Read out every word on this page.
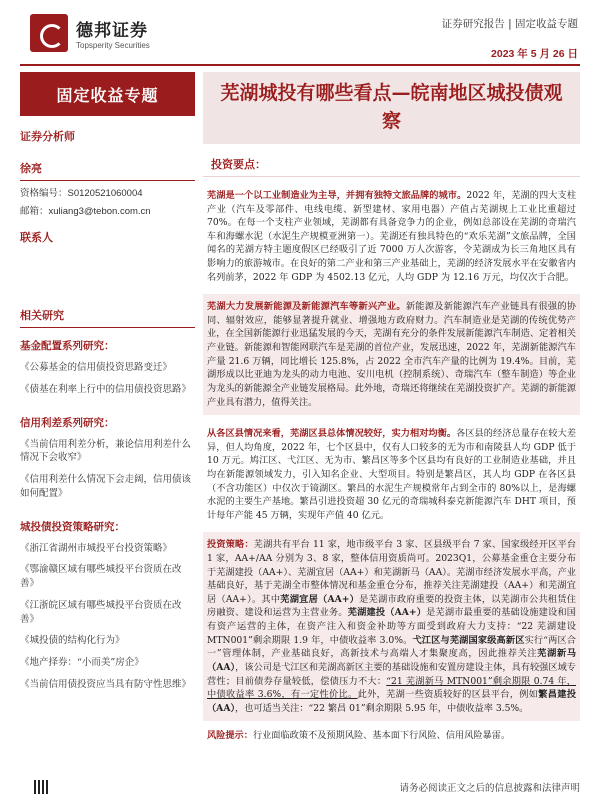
德邦证券
Topsperity Securities
证券研究报告 | 固定收益专题
2023 年 5 月 26 日
固定收益专题
证券分析师
徐亮
资格编号：S0120521060004
邮箱：xuliang3@tebon.com.cn
联系人
相关研究
基金配置系列研究：
《公募基金的信用债投资思路变迁》
《债基在利率上行中的信用债投资思路》
信用利差系列研究：
《当前信用利差分析，兼论信用利差什么情况下会收窄》
《信用利差什么情况下会走阔，信用债该如何配置》
城投债投资策略研究：
《浙江省湖州市城投平台投资策略》
《鄂渝赣区域有哪些城投平台资质在改善》
《江浙皖区域有哪些城投平台资质在改善》
《城投债的结构化行为》
《地产择券：“小而美”房企》
《当前信用债投资应当具有防守性思维》
芜湖城投有哪些看点—皖南地区城投债观察
投资要点：
芜湖是一个以工业制造业为主导，并拥有独特文旅品牌的城市。2022 年，芜湖的四大支柱产业（汽车及零部件、电线电缆、新型建材、家用电器）产值占芜湖规上工业比重超过 70%。在每一个支柱产业领域，芜湖都有具备竞争力的企业，例如总部设在芜湖的奇瑞汽车和海螺水泥（水泥生产规模亚洲第一）。芜湖还有独具特色的“欢乐芜湖”文旅品牌，全国闻名的芜湖方特主题度假区已经吸引了近 7000 万人次游客，令芜湖成为长三角地区具有影响力的旅游城市。在良好的第二产业和第三产业基础上，芜湖的经济发展水平在安徽省内名列前茅，2022 年 GDP 为 4502.13 亿元，人均 GDP 为 12.16 万元，均仅次于合肥。
芜湖大力发展新能源及新能源汽车等新兴产业。新能源及新能源汽车产业链具有很强的协同、辐射效应，能够显著提升就业、增强地方政府财力。汽车制造业是芜湖的传统优势产业，在全国新能源行业迅猛发展的今天，芜湖有充分的条件发展新能源汽车制造、定着相关产业链。新能源和智能网联汽车是芜湖的首位产业，发展迅速，2022 年，芜湖新能源汽车产量 21.6 万辆，同比增长 125.8%，占 2022 全市汽车产量的比例为 19.4%。目前，芜湖形成以比亚迪为龙头的动力电池、安川电机（控制系统）、奇瑞汽车（整车制造）等企业为龙头的新能源全产业链发展格局。此外地，奇瑞还将继续在芜湖投资扩产。芜湖的新能源产业具有潜力，值得关注。
从各区县情况来看，芜湖区县总体情况较好，实力相对均衡。各区县的经济总量存在较大差异，但人均角度，2022 年，七个区县中，仅有人口较多的无为市和南陵县人均 GDP 低于 10 万元。鸠江区、弋江区、无为市、繁昌区等多个区县均有良好的工业制造业基础，并且均在新能源领域发力，引入知名企业、大型项目。特别是繁昌区，其人均 GDP 在各区县（不含功能区）中仅次于镜湖区。繁昌的水泥生产规模常年占到全市的 80%以上，是海螺水泥的主要生产基地。繁昌引进投资超 30 亿元的奇瑞城科泰克新能源汽车 DHT 项目，预计每年产能 45 万辆，实现年产值 40 亿元。
投资策略：芜湖共有平台 11 家，地市级平台 3 家、区县级平台 7 家、国家级经开区平台 1 家，AA+/AA 分别为 3、8 家，整体信用资质尚可。2023Q1，公募基金重仓主要分布于芜湖建投（AA+）、芜湖宜居（AA+）和芜湖新马（AA）。芜湖市经济发展水平高，产业基础良好，基于芜湖全市整体情况和基金重仓分布，推荐关注芜湖建投（AA+）和芜湖宜居（AA+）。其中芜湖宜居（AA+）是芜湖市政府重要的投资主体，以芜湖市公共租赁住房融资、建设和运营为主营业务。芜湖建投（AA+）是芜湖市最重要的基础设施建设和国有资产运营的主体，在资产注入和资金补助等方面受到政府大力支持：“22 芜湖建设 MTN001”剩余期限 1.9 年，中债收益率 3.0%。弋江区与芜湖国家级高新区实行“两区合一”管理体制，产业基础良好，高新技术与高端人才集聚度高，因此推荐关注芜湖新马（AA），该公司是弋江区和芜湖高新区主要的基础设施和安置房建设主体，具有较强区域专营性；目前债券存量较低，偿债压力不大：“21 芜湖新马 MTN001”剩余期限 0.74 年，中债收益率 3.6%，有一定性价比。此外，芜湖一些资质较好的区县平台，例如繁昌建投（AA），也可适当关注：“22 繁昌 01”剩余期限 5.95 年，中债收益率 3.5%。
风险提示：行业面临政策不及预期风险、基本面下行风险、信用风险暴雷。
请务必阅读正文之后的信息披露和法律声明
